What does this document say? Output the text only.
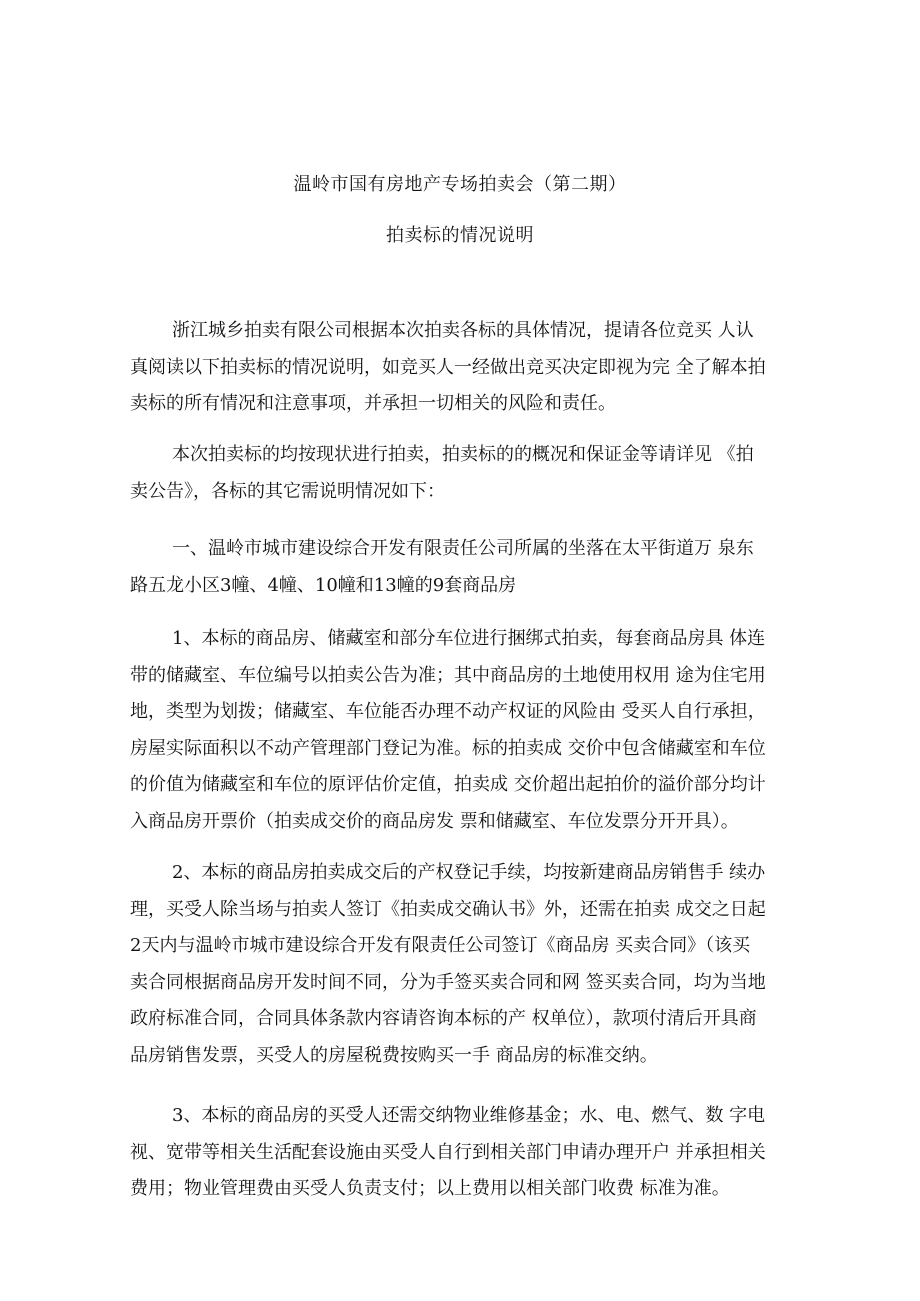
温岭市国有房地产专场拍卖会（第二期）
拍卖标的情况说明
浙江城乡拍卖有限公司根据本次拍卖各标的具体情况，提请各位竞买 人认
真阅读以下拍卖标的情况说明，如竞买人一经做出竞买决定即视为完 全了解本拍
卖标的所有情况和注意事项，并承担一切相关的风险和责任。
本次拍卖标的均按现状进行拍卖，拍卖标的的概况和保证金等请详见 《拍
卖公告》，各标的其它需说明情况如下：
一、温岭市城市建设综合开发有限责任公司所属的坐落在太平街道万 泉东
路五龙小区3幢、4幢、10幢和13幢的9套商品房
1、本标的商品房、储藏室和部分车位进行捆绑式拍卖，每套商品房具 体连
带的储藏室、车位编号以拍卖公告为准；其中商品房的土地使用权用 途为住宅用
地，类型为划拨；储藏室、车位能否办理不动产权证的风险由 受买人自行承担，
房屋实际面积以不动产管理部门登记为准。标的拍卖成 交价中包含储藏室和车位
的价值为储藏室和车位的原评估价定值，拍卖成 交价超出起拍价的溢价部分均计
入商品房开票价（拍卖成交价的商品房发 票和储藏室、车位发票分开开具）。
2、本标的商品房拍卖成交后的产权登记手续，均按新建商品房销售手 续办
理，买受人除当场与拍卖人签订《拍卖成交确认书》外，还需在拍卖 成交之日起
2天内与温岭市城市建设综合开发有限责任公司签订《商品房 买卖合同》（该买
卖合同根据商品房开发时间不同，分为手签买卖合同和网 签买卖合同，均为当地
政府标准合同，合同具体条款内容请咨询本标的产 权单位），款项付清后开具商
品房销售发票，买受人的房屋税费按购买一手 商品房的标准交纳。
3、本标的商品房的买受人还需交纳物业维修基金；水、电、燃气、数 字电
视、宽带等相关生活配套设施由买受人自行到相关部门申请办理开户 并承担相关
费用；物业管理费由买受人负责支付；以上费用以相关部门收费 标准为准。
